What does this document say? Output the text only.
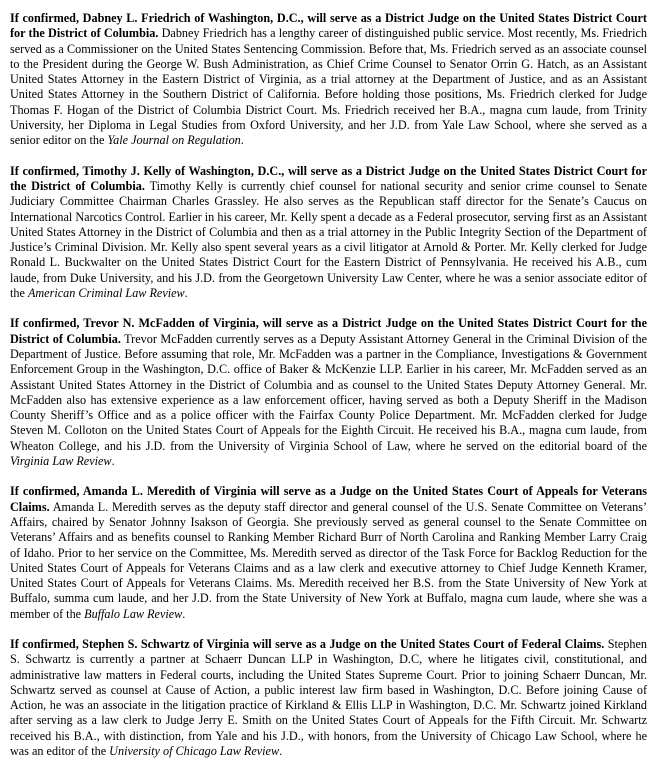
If confirmed, Dabney L. Friedrich of Washington, D.C., will serve as a District Judge on the United States District Court for the District of Columbia. Dabney Friedrich has a lengthy career of distinguished public service. Most recently, Ms. Friedrich served as a Commissioner on the United States Sentencing Commission. Before that, Ms. Friedrich served as an associate counsel to the President during the George W. Bush Administration, as Chief Crime Counsel to Senator Orrin G. Hatch, as an Assistant United States Attorney in the Eastern District of Virginia, as a trial attorney at the Department of Justice, and as an Assistant United States Attorney in the Southern District of California. Before holding those positions, Ms. Friedrich clerked for Judge Thomas F. Hogan of the District of Columbia District Court. Ms. Friedrich received her B.A., magna cum laude, from Trinity University, her Diploma in Legal Studies from Oxford University, and her J.D. from Yale Law School, where she served as a senior editor on the Yale Journal on Regulation.

If confirmed, Timothy J. Kelly of Washington, D.C., will serve as a District Judge on the United States District Court for the District of Columbia. Timothy Kelly is currently chief counsel for national security and senior crime counsel to Senate Judiciary Committee Chairman Charles Grassley. He also serves as the Republican staff director for the Senate’s Caucus on International Narcotics Control. Earlier in his career, Mr. Kelly spent a decade as a Federal prosecutor, serving first as an Assistant United States Attorney in the District of Columbia and then as a trial attorney in the Public Integrity Section of the Department of Justice’s Criminal Division. Mr. Kelly also spent several years as a civil litigator at Arnold & Porter. Mr. Kelly clerked for Judge Ronald L. Buckwalter on the United States District Court for the Eastern District of Pennsylvania. He received his A.B., cum laude, from Duke University, and his J.D. from the Georgetown University Law Center, where he was a senior associate editor of the American Criminal Law Review.

If confirmed, Trevor N. McFadden of Virginia, will serve as a District Judge on the United States District Court for the District of Columbia. Trevor McFadden currently serves as a Deputy Assistant Attorney General in the Criminal Division of the Department of Justice. Before assuming that role, Mr. McFadden was a partner in the Compliance, Investigations & Government Enforcement Group in the Washington, D.C. office of Baker & McKenzie LLP. Earlier in his career, Mr. McFadden served as an Assistant United States Attorney in the District of Columbia and as counsel to the United States Deputy Attorney General. Mr. McFadden also has extensive experience as a law enforcement officer, having served as both a Deputy Sheriff in the Madison County Sheriff’s Office and as a police officer with the Fairfax County Police Department. Mr. McFadden clerked for Judge Steven M. Colloton on the United States Court of Appeals for the Eighth Circuit. He received his B.A., magna cum laude, from Wheaton College, and his J.D. from the University of Virginia School of Law, where he served on the editorial board of the Virginia Law Review.

If confirmed, Amanda L. Meredith of Virginia will serve as a Judge on the United States Court of Appeals for Veterans Claims. Amanda L. Meredith serves as the deputy staff director and general counsel of the U.S. Senate Committee on Veterans’ Affairs, chaired by Senator Johnny Isakson of Georgia. She previously served as general counsel to the Senate Committee on Veterans’ Affairs and as benefits counsel to Ranking Member Richard Burr of North Carolina and Ranking Member Larry Craig of Idaho. Prior to her service on the Committee, Ms. Meredith served as director of the Task Force for Backlog Reduction for the United States Court of Appeals for Veterans Claims and as a law clerk and executive attorney to Chief Judge Kenneth Kramer, United States Court of Appeals for Veterans Claims. Ms. Meredith received her B.S. from the State University of New York at Buffalo, summa cum laude, and her J.D. from the State University of New York at Buffalo, magna cum laude, where she was a member of the Buffalo Law Review.

If confirmed, Stephen S. Schwartz of Virginia will serve as a Judge on the United States Court of Federal Claims. Stephen S. Schwartz is currently a partner at Schaerr Duncan LLP in Washington, D.C, where he litigates civil, constitutional, and administrative law matters in Federal courts, including the United States Supreme Court. Prior to joining Schaerr Duncan, Mr. Schwartz served as counsel at Cause of Action, a public interest law firm based in Washington, D.C. Before joining Cause of Action, he was an associate in the litigation practice of Kirkland & Ellis LLP in Washington, D.C. Mr. Schwartz joined Kirkland after serving as a law clerk to Judge Jerry E. Smith on the United States Court of Appeals for the Fifth Circuit. Mr. Schwartz received his B.A., with distinction, from Yale and his J.D., with honors, from the University of Chicago Law School, where he was an editor of the University of Chicago Law Review.
